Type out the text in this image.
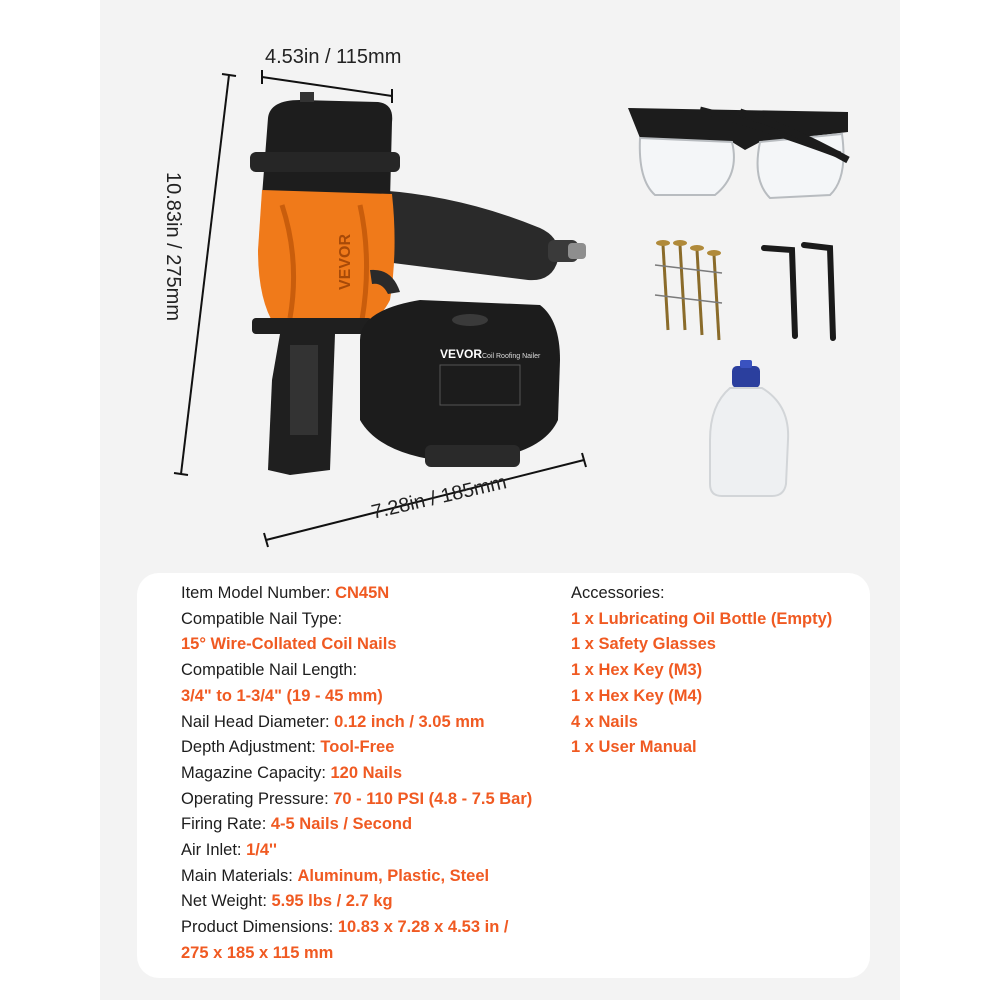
VEVOR
VEVOR Coil Roofing Nailer
4.53in / 115mm
10.83in / 275mm
7.28in / 185mm
Item Model Number: CN45N
Compatible Nail Type:
15° Wire-Collated Coil Nails
Compatible Nail Length:
3/4" to 1-3/4" (19 - 45 mm)
Nail Head Diameter: 0.12 inch / 3.05 mm
Depth Adjustment: Tool-Free
Magazine Capacity: 120 Nails
Operating Pressure: 70 - 110 PSI (4.8 - 7.5 Bar)
Firing Rate: 4-5 Nails / Second
Air Inlet: 1/4''
Main Materials: Aluminum, Plastic, Steel
Net Weight: 5.95 lbs / 2.7 kg
Product Dimensions: 10.83 x 7.28 x 4.53 in /
275 x 185 x 115 mm
Accessories:
1 x Lubricating Oil Bottle (Empty)
1 x Safety Glasses
1 x Hex Key (M3)
1 x Hex Key (M4)
4 x Nails
1 x User Manual
